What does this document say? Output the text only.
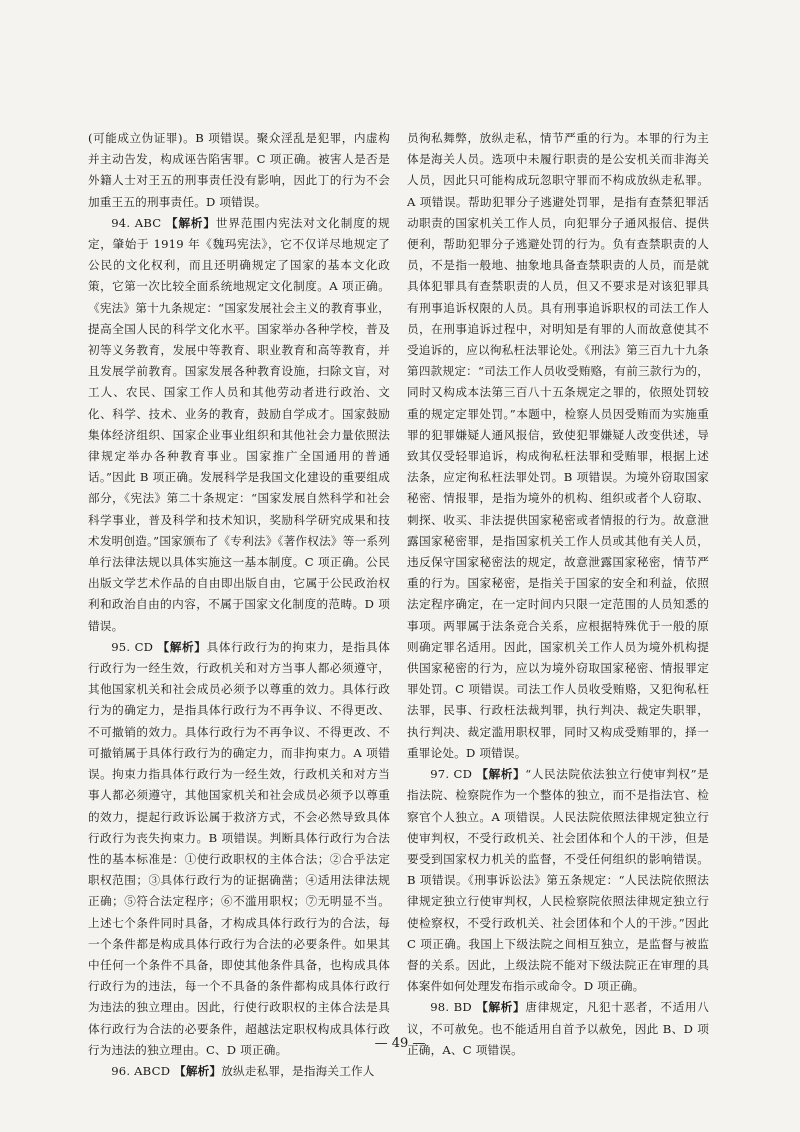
(可能成立伪证罪)。B 项错误。聚众淫乱是犯罪，内虚构并主动告发，构成诬告陷害罪。C 项正确。被害人是否是外籍人士对王五的刑事责任没有影响，因此丁的行为不会加重王五的刑事责任。D 项错误。

94. ABC 【解析】世界范围内宪法对文化制度的规定，肇始于 1919 年《魏玛宪法》，它不仅详尽地规定了公民的文化权利，而且还明确规定了国家的基本文化政策，它第一次比较全面系统地规定文化制度。A 项正确。《宪法》第十九条规定：“国家发展社会主义的教育事业，提高全国人民的科学文化水平。国家举办各种学校，普及初等义务教育，发展中等教育、职业教育和高等教育，并且发展学前教育。国家发展各种教育设施，扫除文盲，对工人、农民、国家工作人员和其他劳动者进行政治、文化、科学、技术、业务的教育，鼓励自学成才。国家鼓励集体经济组织、国家企业事业组织和其他社会力量依照法律规定举办各种教育事业。国家推广全国通用的普通话。”因此 B 项正确。发展科学是我国文化建设的重要组成部分，《宪法》第二十条规定：“国家发展自然科学和社会科学事业，普及科学和技术知识，奖励科学研究成果和技术发明创造。”国家颁布了《专利法》《著作权法》等一系列单行法律法规以具体实施这一基本制度。C 项正确。公民出版文学艺术作品的自由即出版自由，它属于公民政治权利和政治自由的内容，不属于国家文化制度的范畴。D 项错误。

95. CD 【解析】具体行政行为的拘束力，是指具体行政行为一经生效，行政机关和对方当事人都必须遵守，其他国家机关和社会成员必须予以尊重的效力。具体行政行为的确定力，是指具体行政行为不再争议、不得更改、不可撤销的效力。具体行政行为不再争议、不得更改、不可撤销属于具体行政行为的确定力，而非拘束力。A 项错误。拘束力指具体行政行为一经生效，行政机关和对方当事人都必须遵守，其他国家机关和社会成员必须予以尊重的效力，提起行政诉讼属于救济方式，不会必然导致具体行政行为丧失拘束力。B 项错误。判断具体行政行为合法性的基本标准是：①使行政职权的主体合法；②合乎法定职权范围；③具体行政行为的证据确凿；④适用法律法规正确；⑤符合法定程序；⑥不滥用职权；⑦无明显不当。上述七个条件同时具备，才构成具体行政行为的合法，每一个条件都是构成具体行政行为合法的必要条件。如果其中任何一个条件不具备，即使其他条件具备，也构成具体行政行为的违法，每一个不具备的条件都构成具体行政行为违法的独立理由。因此，行使行政职权的主体合法是具体行政行为合法的必要条件，超越法定职权构成具体行政行为违法的独立理由。C、D 项正确。

96. ABCD 【解析】放纵走私罪，是指海关工作人

员徇私舞弊，放纵走私，情节严重的行为。本罪的行为主体是海关人员。选项中未履行职责的是公安机关而非海关人员，因此只可能构成玩忽职守罪而不构成放纵走私罪。A 项错误。帮助犯罪分子逃避处罚罪，是指有查禁犯罪活动职责的国家机关工作人员，向犯罪分子通风报信、提供便利，帮助犯罪分子逃避处罚的行为。负有查禁职责的人员，不是指一般地、抽象地具备查禁职责的人员，而是就具体犯罪具有查禁职责的人员，但又不要求是对该犯罪具有刑事追诉权限的人员。具有刑事追诉职权的司法工作人员，在刑事追诉过程中，对明知是有罪的人而故意使其不受追诉的，应以徇私枉法罪论处。《刑法》第三百九十九条第四款规定：“司法工作人员收受贿赂，有前三款行为的，同时又构成本法第三百八十五条规定之罪的，依照处罚较重的规定定罪处罚。”本题中，检察人员因受贿而为实施重罪的犯罪嫌疑人通风报信，致使犯罪嫌疑人改变供述，导致其仅受轻罪追诉，构成徇私枉法罪和受贿罪，根据上述法条，应定徇私枉法罪处罚。B 项错误。为境外窃取国家秘密、情报罪，是指为境外的机构、组织或者个人窃取、刺探、收买、非法提供国家秘密或者情报的行为。故意泄露国家秘密罪，是指国家机关工作人员或其他有关人员，违反保守国家秘密法的规定，故意泄露国家秘密，情节严重的行为。国家秘密，是指关于国家的安全和利益，依照法定程序确定，在一定时间内只限一定范围的人员知悉的事项。两罪属于法条竞合关系，应根据特殊优于一般的原则确定罪名适用。因此，国家机关工作人员为境外机构提供国家秘密的行为，应以为境外窃取国家秘密、情报罪定罪处罚。C 项错误。司法工作人员收受贿赂，又犯徇私枉法罪，民事、行政枉法裁判罪，执行判决、裁定失职罪，执行判决、裁定滥用职权罪，同时又构成受贿罪的，择一重罪论处。D 项错误。

97. CD 【解析】“人民法院依法独立行使审判权”是指法院、检察院作为一个整体的独立，而不是指法官、检察官个人独立。A 项错误。人民法院依照法律规定独立行使审判权，不受行政机关、社会团体和个人的干涉，但是要受到国家权力机关的监督，不受任何组织的影响错误。B 项错误。《刑事诉讼法》第五条规定：“人民法院依照法律规定独立行使审判权，人民检察院依照法律规定独立行使检察权，不受行政机关、社会团体和个人的干涉。”因此 C 项正确。我国上下级法院之间相互独立，是监督与被监督的关系。因此，上级法院不能对下级法院正在审理的具体案件如何处理发布指示或命令。D 项正确。

98. BD 【解析】唐律规定，凡犯十恶者，不适用八议，不可赦免。也不能适用自首予以赦免，因此 B、D 项正确，A、C 项错误。

— 49 —
